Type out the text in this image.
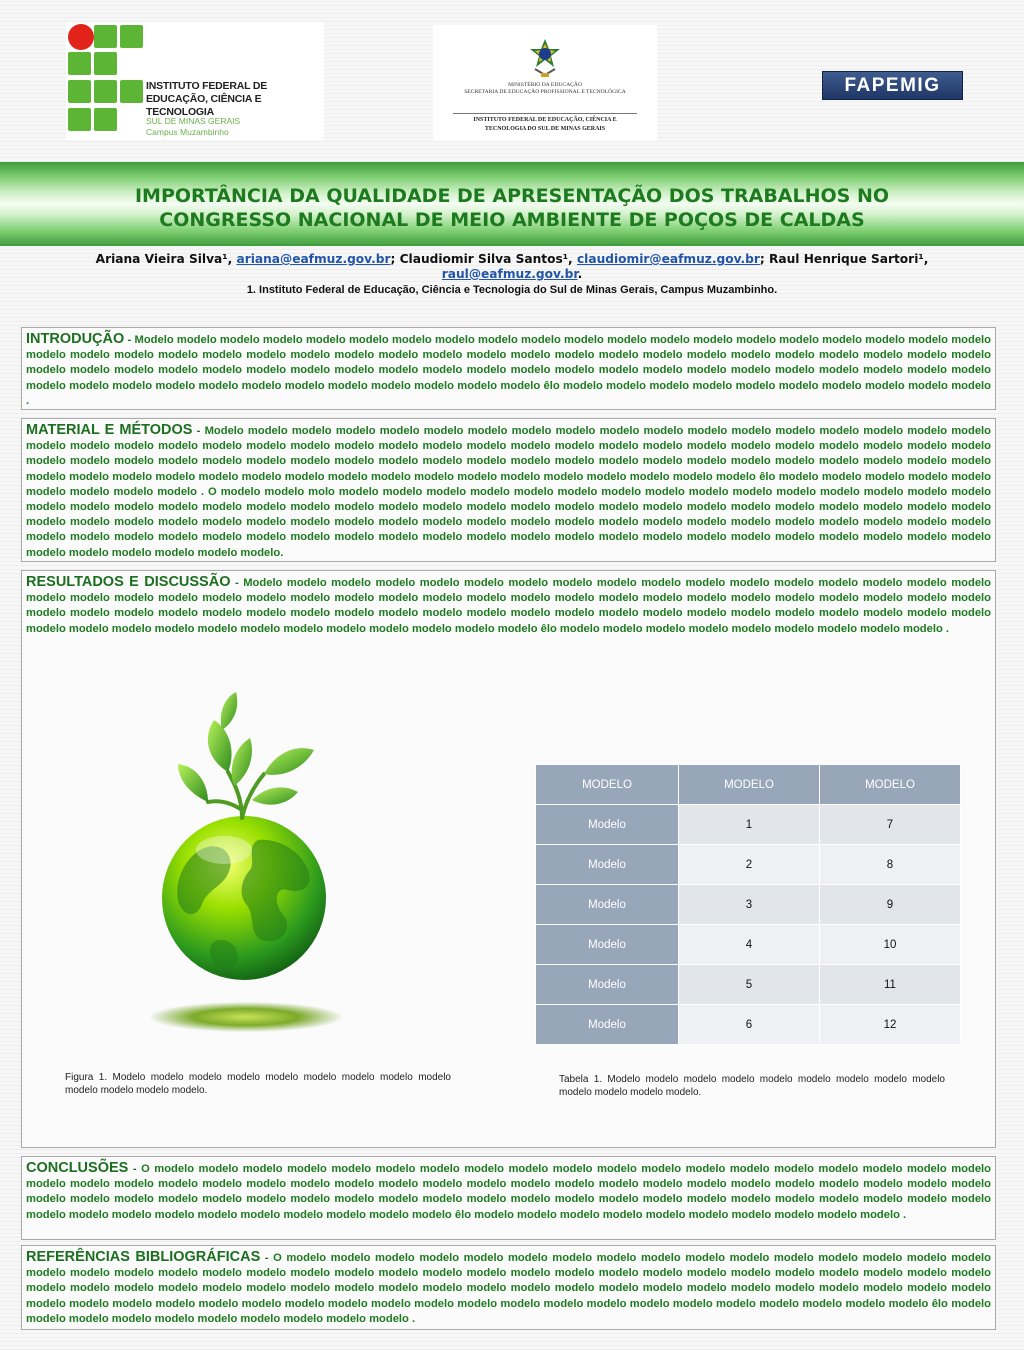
INSTITUTO FEDERAL DE
EDUCAÇÃO, CIÊNCIA E TECNOLOGIA
SUL DE MINAS GERAIS
Campus Muzambinho
MINISTÉRIO DA EDUCAÇÃO
SECRETARIA DE EDUCAÇÃO PROFISSIONAL E TECNOLÓGICA
INSTITUTO FEDERAL DE EDUCAÇÃO, CIÊNCIA E
TECNOLOGIA DO SUL DE MINAS GERAIS
FAPEMIG
IMPORTÂNCIA DA QUALIDADE DE APRESENTAÇÃO DOS TRABALHOS NO
CONGRESSO NACIONAL DE MEIO AMBIENTE DE POÇOS DE CALDAS
Ariana Vieira Silva¹, ariana@eafmuz.gov.br; Claudiomir Silva Santos¹, claudiomir@eafmuz.gov.br; Raul Henrique Sartori¹, raul@eafmuz.gov.br.
1. Instituto Federal de Educação, Ciência e Tecnologia do Sul de Minas Gerais, Campus Muzambinho.
INTRODUÇÃO - Modelo modelo modelo modelo modelo modelo modelo modelo modelo modelo modelo modelo modelo modelo modelo modelo modelo modelo modelo modelo modelo modelo modelo modelo modelo modelo modelo modelo modelo modelo modelo modelo modelo modelo modelo modelo modelo modelo modelo modelo modelo modelo modelo modelo modelo modelo modelo modelo modelo modelo modelo modelo modelo modelo modelo modelo modelo modelo modelo modelo modelo modelo modelo modelo modelo modelo modelo modelo modelo modelo modelo modelo modelo modelo modelo modelo êlo modelo modelo modelo modelo modelo modelo modelo modelo modelo modelo .
MATERIAL E MÉTODOS - Modelo modelo modelo modelo modelo modelo modelo modelo modelo modelo modelo modelo modelo modelo modelo modelo modelo modelo modelo modelo modelo modelo modelo modelo modelo modelo modelo modelo modelo modelo modelo modelo modelo modelo modelo modelo modelo modelo modelo modelo modelo modelo modelo modelo modelo modelo modelo modelo modelo modelo modelo modelo modelo modelo modelo modelo modelo modelo modelo modelo modelo modelo modelo modelo modelo modelo modelo modelo modelo modelo modelo modelo modelo modelo modelo modelo modelo modelo modelo êlo modelo modelo modelo modelo modelo modelo modelo modelo modelo . O modelo modelo molo modelo modelo modelo modelo modelo modelo modelo modelo modelo modelo modelo modelo modelo modelo modelo modelo modelo modelo modelo modelo modelo modelo modelo modelo modelo modelo modelo modelo modelo modelo modelo modelo modelo modelo modelo modelo modelo modelo modelo modelo modelo modelo modelo modelo modelo modelo modelo modelo modelo modelo modelo modelo modelo modelo modelo modelo modelo modelo modelo modelo modelo modelo modelo modelo modelo modelo modelo modelo modelo modelo modelo modelo modelo modelo modelo modelo modelo modelo modelo modelo modelo modelo modelo modelo modelo modelo modelo.
RESULTADOS E DISCUSSÃO - Modelo modelo modelo modelo modelo modelo modelo modelo modelo modelo modelo modelo modelo modelo modelo modelo modelo modelo modelo modelo modelo modelo modelo modelo modelo modelo modelo modelo modelo modelo modelo modelo modelo modelo modelo modelo modelo modelo modelo modelo modelo modelo modelo modelo modelo modelo modelo modelo modelo modelo modelo modelo modelo modelo modelo modelo modelo modelo modelo modelo modelo modelo modelo modelo modelo modelo modelo modelo modelo modelo modelo modelo modelo êlo modelo modelo modelo modelo modelo modelo modelo modelo modelo .
MODELO	MODELO	MODELO
Modelo	1	7
Modelo	2	8
Modelo	3	9
Modelo	4	10
Modelo	5	11
Modelo	6	12
Figura 1. Modelo modelo modelo modelo modelo modelo modelo modelo modelo modelo modelo modelo modelo.
Tabela 1. Modelo modelo modelo modelo modelo modelo modelo modelo modelo modelo modelo modelo modelo.
CONCLUSÕES - O modelo modelo modelo modelo modelo modelo modelo modelo modelo modelo modelo modelo modelo modelo modelo modelo modelo modelo modelo modelo modelo modelo modelo modelo modelo modelo modelo modelo modelo modelo modelo modelo modelo modelo modelo modelo modelo modelo modelo modelo modelo modelo modelo modelo modelo modelo modelo modelo modelo modelo modelo modelo modelo modelo modelo modelo modelo modelo modelo modelo modelo modelo modelo modelo modelo modelo modelo modelo modelo modelo modelo modelo modelo êlo modelo modelo modelo modelo modelo modelo modelo modelo modelo modelo .
REFERÊNCIAS BIBLIOGRÁFICAS - O modelo modelo modelo modelo modelo modelo modelo modelo modelo modelo modelo modelo modelo modelo modelo modelo modelo modelo modelo modelo modelo modelo modelo modelo modelo modelo modelo modelo modelo modelo modelo modelo modelo modelo modelo modelo modelo modelo modelo modelo modelo modelo modelo modelo modelo modelo modelo modelo modelo modelo modelo modelo modelo modelo modelo modelo modelo modelo modelo modelo modelo modelo modelo modelo modelo modelo modelo modelo modelo modelo modelo modelo modelo modelo modelo modelo modelo modelo modelo modelo modelo êlo modelo modelo modelo modelo modelo modelo modelo modelo modelo modelo .
